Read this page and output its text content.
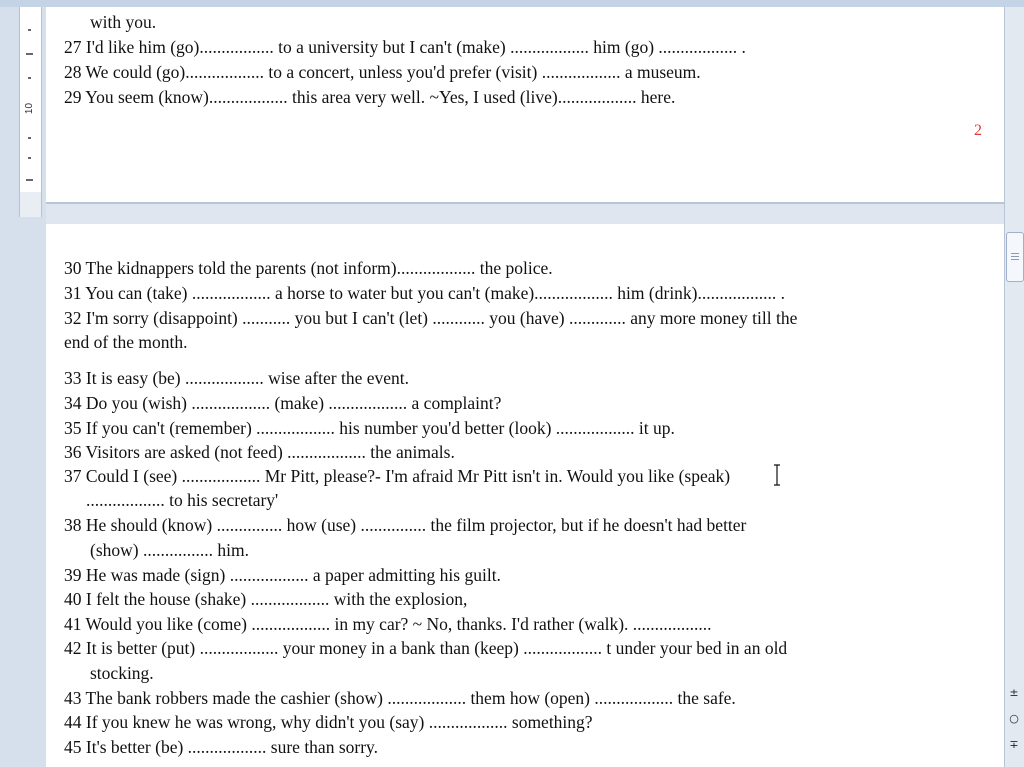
10
with you.
27 I'd like him (go)................. to a university but I can't (make) .................. him (go) .................. .
28 We could (go).................. to a concert, unless you'd prefer (visit) .................. a museum.
29 You seem (know).................. this area very well. ~Yes, I used (live).................. here.
30 The kidnappers told the parents (not inform).................. the police.
31 You can (take) .................. a horse to water but you can't (make).................. him (drink).................. .
32 I'm sorry (disappoint) ........... you but I can't (let) ............ you (have) ............. any more money till the
end of the month.
33 It is easy (be) .................. wise after the event.
34 Do you (wish) .................. (make) .................. a complaint?
35 If you can't (remember) .................. his number you'd better (look) .................. it up.
36 Visitors are asked (not feed) .................. the animals.
37 Could I (see) .................. Mr Pitt, please?- I'm afraid Mr Pitt isn't in. Would you like (speak)
.................. to his secretary'
38 He should (know) ............... how (use) ............... the film projector, but if he doesn't had better
(show) ................ him.
39 He was made (sign) .................. a paper admitting his guilt.
40 I felt the house (shake) .................. with the explosion,
41 Would you like (come) .................. in my car? ~ No, thanks. I'd rather (walk). ..................
42 It is better (put) .................. your money in a bank than (keep) .................. t under your bed in an old
stocking.
43 The bank robbers made the cashier (show) .................. them how (open) .................. the safe.
44 If you knew he was wrong, why didn't you (say) .................. something?
45 It's better (be) .................. sure than sorry.
2
±
○
∓
